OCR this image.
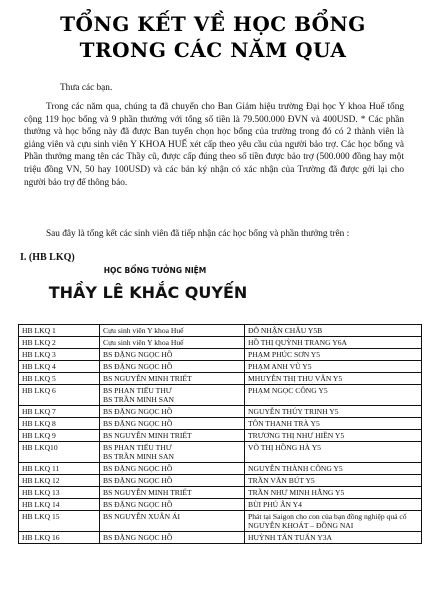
TỔNG KẾT VỀ HỌC BỔNG
TRONG CÁC NĂM QUA

Thưa các bạn.

Trong các năm qua, chúng ta đã chuyển cho Ban Giám hiệu trường Đại học Y khoa Huế tổng cộng 119 học bổng và 9 phần thưởng với tổng số tiền là 79.500.000 ĐVN và 400USD. * Các phần thưởng và học bổng này đã được Ban tuyển chọn học bổng của trường trong đó có 2 thành viên là giảng viên và cựu sinh viên Y KHOA HUẾ xét cấp theo yêu cầu của người bảo trợ. Các học bổng và Phần thưởng mang tên các Thầy cũ, được cấp đúng theo số tiền được bảo trợ (500.000 đồng hay một triệu đồng VN, 50 hay 100USD) và các bản ký nhận có xác nhận của Trường đã được gởi lại cho người bảo trợ để thông báo.

Sau đây là tổng kết các sinh viên đã tiếp nhận các học bổng và phần thưởng trên :

I. (HB LKQ)
HỌC BỔNG TƯỞNG NIỆM
THẦY LÊ KHẮC QUYẾN
HB LKQ 1	Cựu sinh viên Y khoa Huế	ĐỖ NHẬN CHÂU Y5B
HB LKQ 2	Cựu sinh viên Y khoa Huế	HỒ THỊ QUỲNH TRANG Y6A
HB LKQ 3	BS ĐẶNG NGỌC HỒ	PHẠM PHÚC SƠN Y5
HB LKQ 4	BS ĐẶNG NGỌC HỒ	PHẠM ANH VŨ Y5
HB LKQ 5	BS NGUYỄN MINH TRIẾT	MHUYỄN THỊ THU VÂN Y5
HB LKQ 6	BS PHAN TIỂU THƯ
BS TRẦN MINH SAN	PHẠM NGỌC CÔNG Y5
HB LKQ 7	BS ĐẶNG NGỌC HỒ	NGUYỄN THÚY TRINH Y5
HB LKQ 8	BS ĐẶNG NGỌC HỒ	TÔN THANH TRÀ Y5
HB LKQ 9	BS NGUYỄN MINH TRIẾT	TRƯƠNG THỊ NHƯ HIỀN Y5
HB LKQ10	BS PHAN TIỂU THƯ
BS TRẦN MINH SAN	VÕ THỊ HỒNG HÀ Y5
HB LKQ 11	BS ĐẶNG NGỌC HỒ	NGUYỄN THÀNH CÔNG Y5
HB LKQ 12	BS ĐẶNG NGỌC HỒ	TRẦN VĂN BÚT Y5
HB LKQ 13	BS NGUYỄN MINH TRIẾT	TRẦN NHƯ MINH HẰNG Y5
HB LKQ 14	BS ĐẶNG NGỌC HỒ	BÙI PHÚ ÂN Y4
HB LKQ 15	BS NGUYỄN XUÂN ÁI	Phát tại Saigon cho con của bạn đồng nghiệp quá cố NGUYỄN KHOÁT – ĐỒNG NAI
HB LKQ 16	BS ĐẶNG NGỌC HỒ	HUỲNH TẤN TUẤN Y3A
